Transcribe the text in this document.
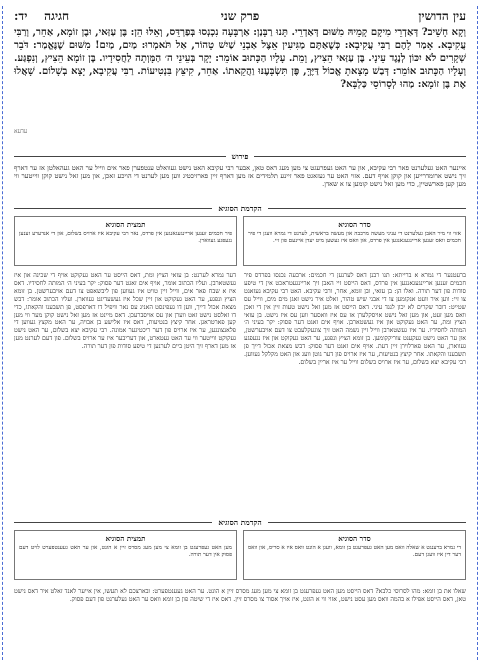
עין הדושין
פרק שני
חגיגה    יד:
וְקָא חָשֵׁיב? דְּאַדְרֵי מִיקָם קָמֵיהּ מִשּׁוּם דְּאַדְרֵי. תָּנוּ רַבָּנַן: אַרְבָּעָה נִכְנְסוּ בְּפַרְדֵּס, וְאֵלּוּ הֵן: בֶּן עַזַּאי, וּבֶן זוֹמָא, אַחֵר, וְרַבִּי עֲקִיבָא. אָמַר לָהֶם רַבִּי עֲקִיבָא: כְּשֶׁאַתֶּם מַגִּיעִין אֵצֶל אַבְנֵי שַׁיִשׁ טָהוֹר, אַל תֹּאמְרוּ: מַיִם, מַיִם! מִשּׁוּם שֶׁנֶּאֱמַר: דֹּבֵר שְׁקָרִים לֹא יִכּוֹן לְנֶגֶד עֵינָי. בֶּן עַזַּאי הֵצִיץ, וָמֵת. עָלָיו הַכָּתוּב אוֹמֵר: יָקָר בְּעֵינֵי ה׳ הַמָּוְתָה לַחֲסִידָיו. בֶּן זוֹמָא הֵצִיץ, וְנִפְגַּע. וְעָלָיו הַכָּתוּב אוֹמֵר: דְּבַשׁ מָצָאתָ אֱכוֹל דַּיֶּךָּ, פֶּן תִּשְׂבָּעֶנּוּ וַהֲקֵאתוֹ. אַחֵר, קִיצֵּץ בִּנְטִיעוֹת. רַבִּי עֲקִיבָא, יָצָא בְשָׁלוֹם. שָׁאֲלוּ אֶת בֶּן זוֹמָא: מַהוּ לְסָרוֹסֵי כַּלְבָּא?
ﬠדﬠא
פירוש
איינער האט געלערנט פאר רבי עקיבא, און ער האט געפרעגט צי מען מעג דאס טאן, אבער רבי עקיבא האט נישט געוואלט ענטפערן פאר אים ווייל ער האט געהאלטן אז ער דארף זיך נישט ארומדרייען און קוקן אויף דעם. אזוי האט ער געזאגט פאר זיינע תלמידים אז מען דארף זיין פארזיכטיג ווען מען לערנט די הויכע זאכן, און מען זאל נישט קוקן ווייטער ווי מען קען פארשטיין, כדי מען זאל נישט קומען צו א שאדן.
הקדמת הסוגיא
סדר הסוגיא
אזוי ווי מיר האבן געלערנט די עניני מעשה מרכבה און מעשה בראשית, לערנט די גמרא וועגן די פיר חכמים וואס זענען אריינגעגאנגען אין פרדס, און וואס איז געשען מיט יעדן איינעם פון זיי.
תמצית הסוגיא
פיר חכמים זענען אריינגעגאנגען אין פרדס, נאר רבי עקיבא איז ארויס בשלום, און די אנדערע זענען נגעפגע געווארן.
ברעטנער די גמרא א ברייתא: תנו רבנן דאס לערנען די חכמים: ארבעה נכנסו בפרדס פיר חכמים זענען אריינגעגאנגען אין פרדס, דאס הייסט זיי האבן זיך אריינגעטראכט אין די טיפע סודות פון דער תורה. ואלו הן: בן עזאי, ובן זומא, אחר, ורבי עקיבא. האט רבי עקיבא געזאגט צו זיי: ווען איר וועט אנקומען צו די אבני שיש טהור, זאלט איר נישט זאגן מים מים, ווייל עס שטייט: דובר שקרים לא יכון לנגד עיני. דאס הייסט אז מען זאל נישט טעות זיין אין די זאכן וואס מען זעט, און מען זאל נישט אויסקלערן אז עס איז וואסער ווען עס איז נישט. בן עזאי הציץ ומת, ער האט געקוקט און איז געשטארבן. אויף אים זאגט דער פסוק: יקר בעיני ה׳ המותה לחסידיו. ער איז געשטארבן ווייל זיין נשמה האט זיך צוגעקלעבט צו דעם אויבערשטן, און ער האט נישט געקענט צוריקקומען. בן זומא הציץ ונפגע, ער האט געקוקט און איז נגעפגע געווארן, ער האט פארלוירן זיין דעת. אויף אים זאגט דער פסוק: דבש מצאת אכול דייך פן תשבענו והקאתו. אחר קיצץ בנטיעות, ער איז ארויס פון דער גוטן וועג און האט מקלקל געווען. רבי עקיבא יצא בשלום, ער איז ארויס בשלום ווייל ער איז אריין בשלום.
דער גמרא לערנט: בן עזאי הציץ ומת, דאס הייסט ער האט געקוקט אויף די שכינה און איז געשטארבן. ועליו הכתוב אומר, אויף אים זאגט דער פסוק: יקר בעיני ה׳ המותה לחסידיו. דאס איז א שבח פאר אים, ווייל זיין טויט איז געווען פון ליבשאפט צו דעם אויבערשטן. בן זומא הציץ ונפגע, ער האט געקוקט און זיין שכל איז געשעדיגט געווארן. ועליו הכתוב אומר: דבש מצאת אכול דייך, ווען דו געפינסט האניג עס נאר וויפיל דו דארפסט, פן תשבענו והקאתו, כדי דו זאלסט נישט זאט ווערן און עס אויסברעכן. דאס מיינט אז מען זאל נישט קוקן מער ווי מען קען פארטראגן. אחר קיצץ בנטיעות, דאס איז אלישע בן אבויה, ער האט מקצץ געווען די פלאנצונגען, ער איז ארויס פון דער ריכטיגער אמונה. רבי עקיבא יצא בשלום, ער האט נישט געקוקט ווייטער ווי ער האט געטארט, און דעריבער איז ער ארויס בשלום. פון דעם לערנט מען אז מען דארף זיך היטן ביים לערנען די טיפע סודות פון דער תורה.
הקדמת הסוגיא
סדר הסוגיא
די גמרא ברענגט א שאלה וואס מען האט געפרעגט בן זומא, וועגן א הונט וואס איז א סריס, און וואס דער דין איז וועגן דעם.
תמצית הסוגיא
מען האט געפרעגט בן זומא צי מען מעג מסרס זיין א הונט, און ער האט געענטפערט לויט דעם פסוק אין דער תורה.
שאלו את בן זומא: מהו לסרוסי כלבא? דאס הייסט מען האט געפרעגט בן זומא צי מען מעג מסרס זיין א הונט. ער האט געענטפערט: ובארצכם לא תעשו, אין אייער לאנד זאלט איר דאס נישט טאן, דאס הייסט אפילו א בהמה וואס מען עסט נישט, אזוי ווי א הונט, איז אויך אסור צו מסרס זיין. דאס איז די שיטה פון בן זומא וואס ער האט געלערנט פון דעם פסוק.
